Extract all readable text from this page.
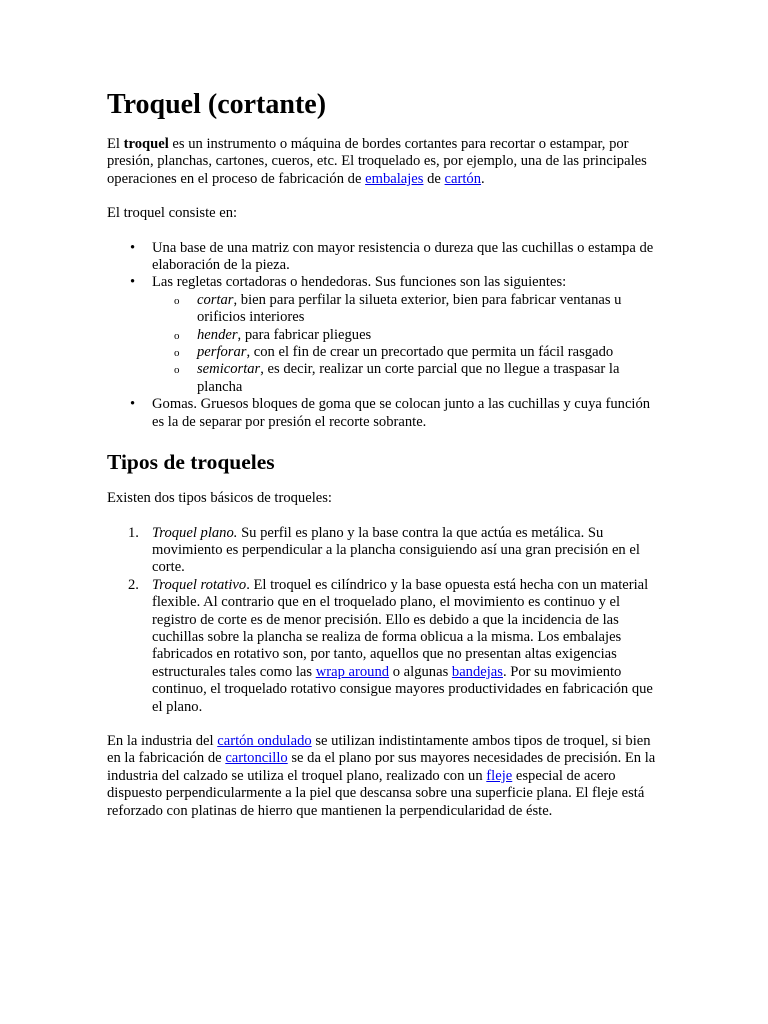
Troquel (cortante)

El troquel es un instrumento o máquina de bordes cortantes para recortar o estampar, por presión, planchas, cartones, cueros, etc. El troquelado es, por ejemplo, una de las principales operaciones en el proceso de fabricación de embalajes de cartón.

El troquel consiste en:

• Una base de una matriz con mayor resistencia o dureza que las cuchillas o estampa de elaboración de la pieza.
• Las regletas cortadoras o hendedoras. Sus funciones son las siguientes:
o cortar, bien para perfilar la silueta exterior, bien para fabricar ventanas u orificios interiores
o hender, para fabricar pliegues
o perforar, con el fin de crear un precortado que permita un fácil rasgado
o semicortar, es decir, realizar un corte parcial que no llegue a traspasar la plancha
• Gomas. Gruesos bloques de goma que se colocan junto a las cuchillas y cuya función es la de separar por presión el recorte sobrante.
Tipos de troqueles

Existen dos tipos básicos de troqueles:

1. Troquel plano. Su perfil es plano y la base contra la que actúa es metálica. Su movimiento es perpendicular a la plancha consiguiendo así una gran precisión en el corte.
2. Troquel rotativo. El troquel es cilíndrico y la base opuesta está hecha con un material flexible. Al contrario que en el troquelado plano, el movimiento es continuo y el registro de corte es de menor precisión. Ello es debido a que la incidencia de las cuchillas sobre la plancha se realiza de forma oblicua a la misma. Los embalajes fabricados en rotativo son, por tanto, aquellos que no presentan altas exigencias estructurales tales como las wrap around o algunas bandejas. Por su movimiento continuo, el troquelado rotativo consigue mayores productividades en fabricación que el plano.

En la industria del cartón ondulado se utilizan indistintamente ambos tipos de troquel, si bien en la fabricación de cartoncillo se da el plano por sus mayores necesidades de precisión. En la industria del calzado se utiliza el troquel plano, realizado con un fleje especial de acero dispuesto perpendicularmente a la piel que descansa sobre una superficie plana. El fleje está reforzado con platinas de hierro que mantienen la perpendicularidad de éste.
